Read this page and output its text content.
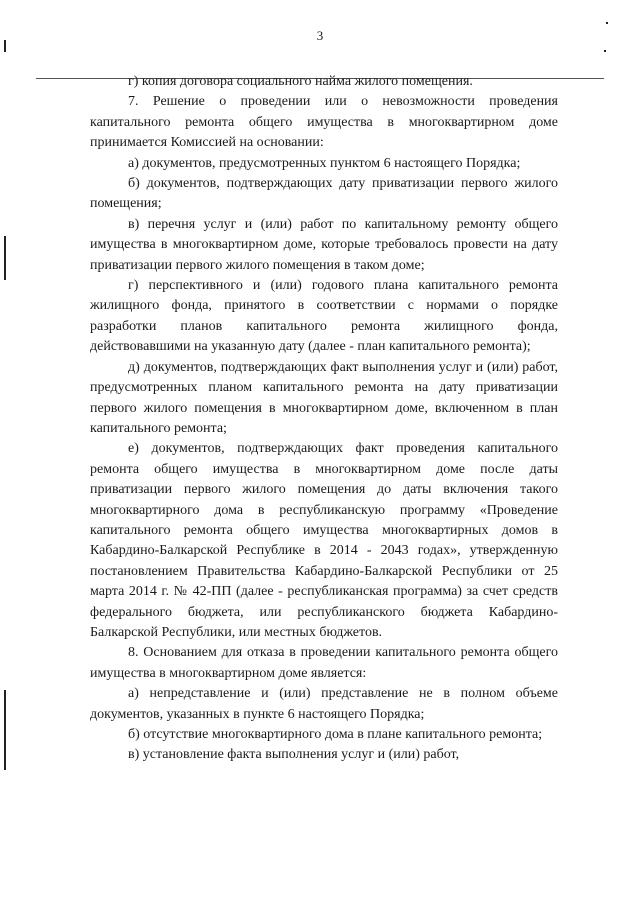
3

г) копия договора социального найма жилого помещения.

7. Решение о проведении или о невозможности проведения капитального ремонта общего имущества в многоквартирном доме принимается Комиссией на основании:

а) документов, предусмотренных пунктом 6 настоящего Порядка;

б) документов, подтверждающих дату приватизации первого жилого помещения;

в) перечня услуг и (или) работ по капитальному ремонту общего имущества в многоквартирном доме, которые требовалось провести на дату приватизации первого жилого помещения в таком доме;

г) перспективного и (или) годового плана капитального ремонта жилищного фонда, принятого в соответствии с нормами о порядке разработки планов капитального ремонта жилищного фонда, действовавшими на указанную дату (далее - план капитального ремонта);

д) документов, подтверждающих факт выполнения услуг и (или) работ, предусмотренных планом капитального ремонта на дату приватизации первого жилого помещения в многоквартирном доме, включенном в план капитального ремонта;

е) документов, подтверждающих факт проведения капитального ремонта общего имущества в многоквартирном доме после даты приватизации первого жилого помещения до даты включения такого многоквартирного дома в республиканскую программу «Проведение капитального ремонта общего имущества многоквартирных домов в Кабардино-Балкарской Республике в 2014 - 2043 годах», утвержденную постановлением Правительства Кабардино-Балкарской Республики от 25 марта 2014 г. № 42-ПП (далее - республиканская программа) за счет средств федерального бюджета, или республиканского бюджета Кабардино-Балкарской Республики, или местных бюджетов.

8. Основанием для отказа в проведении капитального ремонта общего имущества в многоквартирном доме является:

а) непредставление и (или) представление не в полном объеме документов, указанных в пункте 6 настоящего Порядка;

б) отсутствие многоквартирного дома в плане капитального ремонта;

в) установление факта выполнения услуг и (или) работ,
